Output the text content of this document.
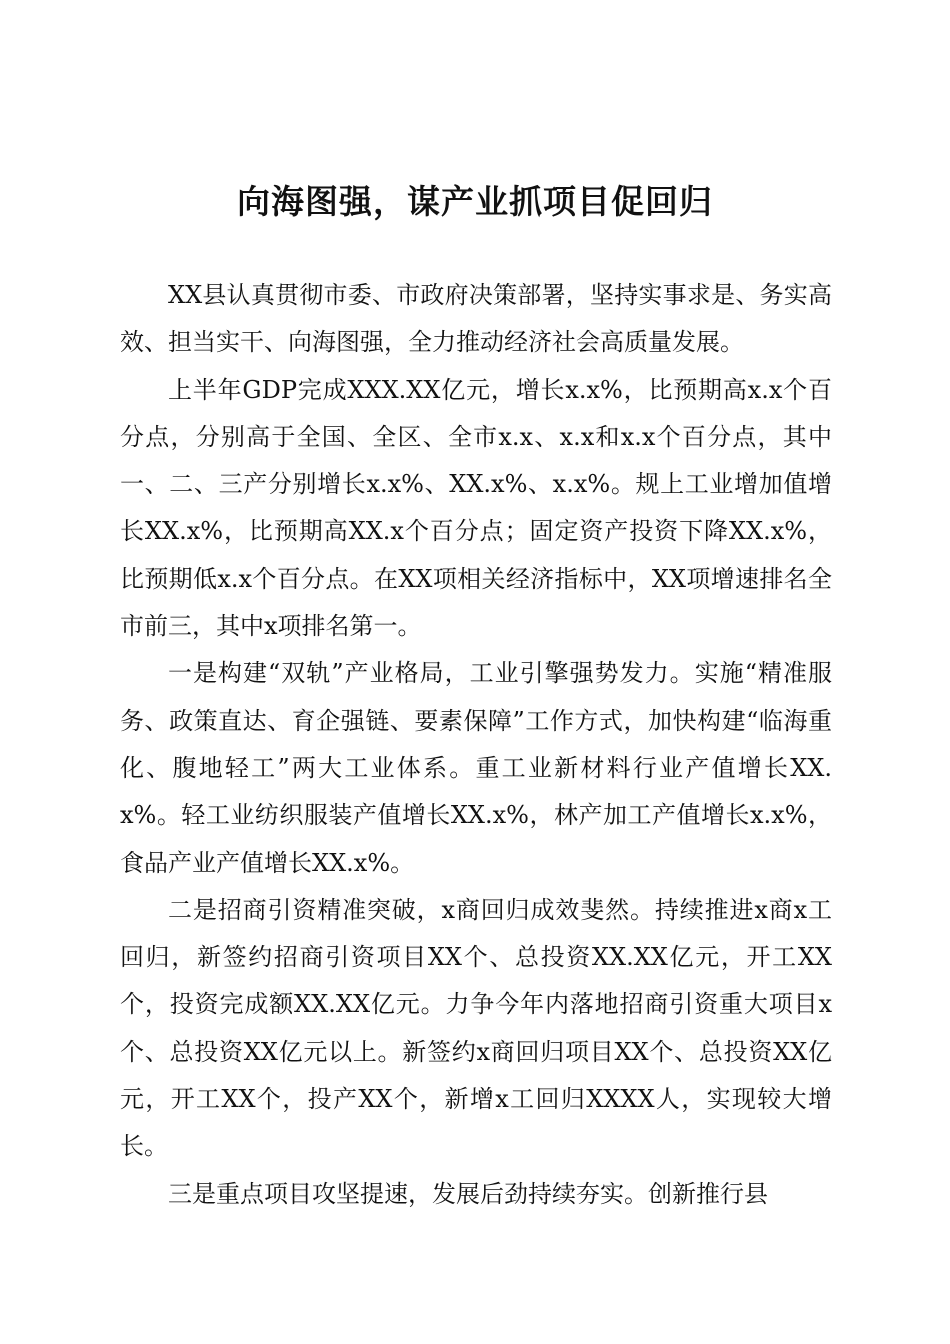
向海图强，谋产业抓项目促回归

XX县认真贯彻市委、市政府决策部署，坚持实事求是、务实高效、担当实干、向海图强，全力推动经济社会高质量发展。

上半年GDP完成XXX.XX亿元，增长x.x%，比预期高x.x个百分点，分别高于全国、全区、全市x.x、x.x和x.x个百分点，其中一、二、三产分别增长x.x%、XX.x%、x.x%。规上工业增加值增长XX.x%，比预期高XX.x个百分点；固定资产投资下降XX.x%，比预期低x.x个百分点。在XX项相关经济指标中，XX项增速排名全市前三，其中x项排名第一。

一是构建“双轨”产业格局，工业引擎强势发力。实施“精准服务、政策直达、育企强链、要素保障”工作方式，加快构建“临海重化、腹地轻工”两大工业体系。重工业新材料行业产值增长XX.x%。轻工业纺织服装产值增长XX.x%，林产加工产值增长x.x%，食品产业产值增长XX.x%。

二是招商引资精准突破，x商回归成效斐然。持续推进x商x工回归，新签约招商引资项目XX个、总投资XX.XX亿元，开工XX个，投资完成额XX.XX亿元。力争今年内落地招商引资重大项目x个、总投资XX亿元以上。新签约x商回归项目XX个、总投资XX亿元，开工XX个，投产XX个，新增x工回归XXXX人，实现较大增长。

三是重点项目攻坚提速，发展后劲持续夯实。创新推行县
